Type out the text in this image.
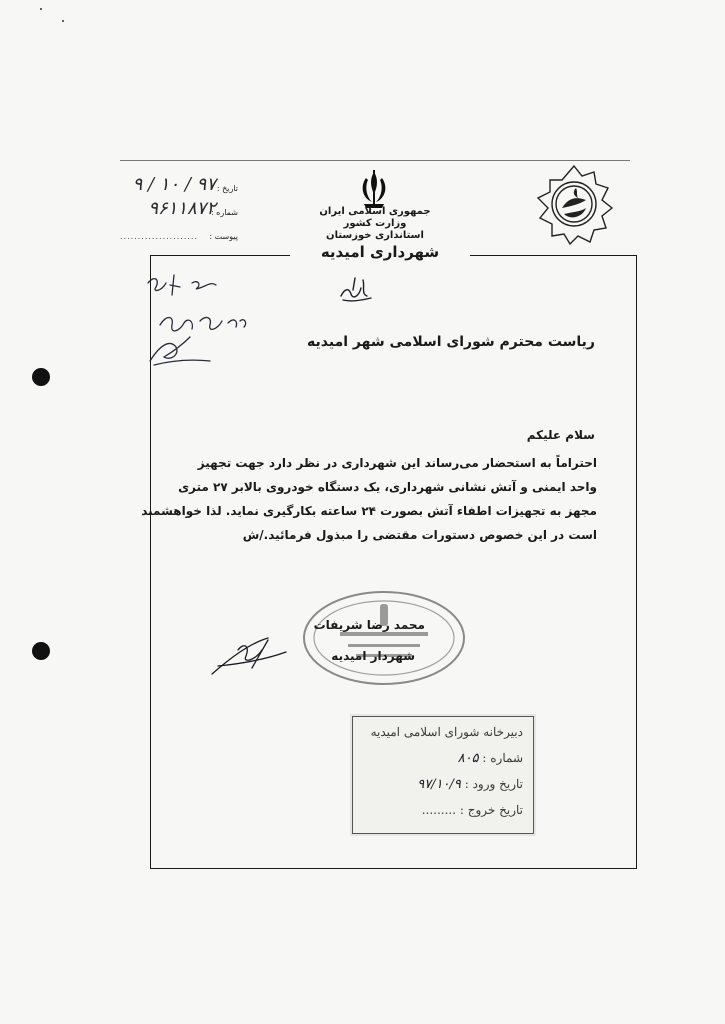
جمهوری اسلامی ایران
وزارت کشور
استانداری خوزستان
تاریخ :
۹۷ / ۱۰ / ۹
شماره :
۹۶۱۱۸۷۲
پیوست :
......................
شهرداری امیدیه
ریاست محترم شورای اسلامی شهر امیدیه
سلام علیکم
احتراماً به استحضار می‌رساند این شهرداری در نظر دارد جهت تجهیز
واحد ایمنی و آتش نشانی شهرداری، یک دستگاه خودروی بالابر ۲۷ متری
مجهز به تجهیزات اطفاء آتش بصورت ۲۴ ساعته بکارگیری نماید. لذا خواهشمند
است در این خصوص دستورات مقتضی را مبذول فرمائید./ش
محمد رضا شریفات
شهردار امیدیه
دبیرخانه شورای اسلامی امیدیه
شماره : ۸۰۵
تاریخ ورود : ۹۷/۱۰/۹
تاریخ خروج : .........
